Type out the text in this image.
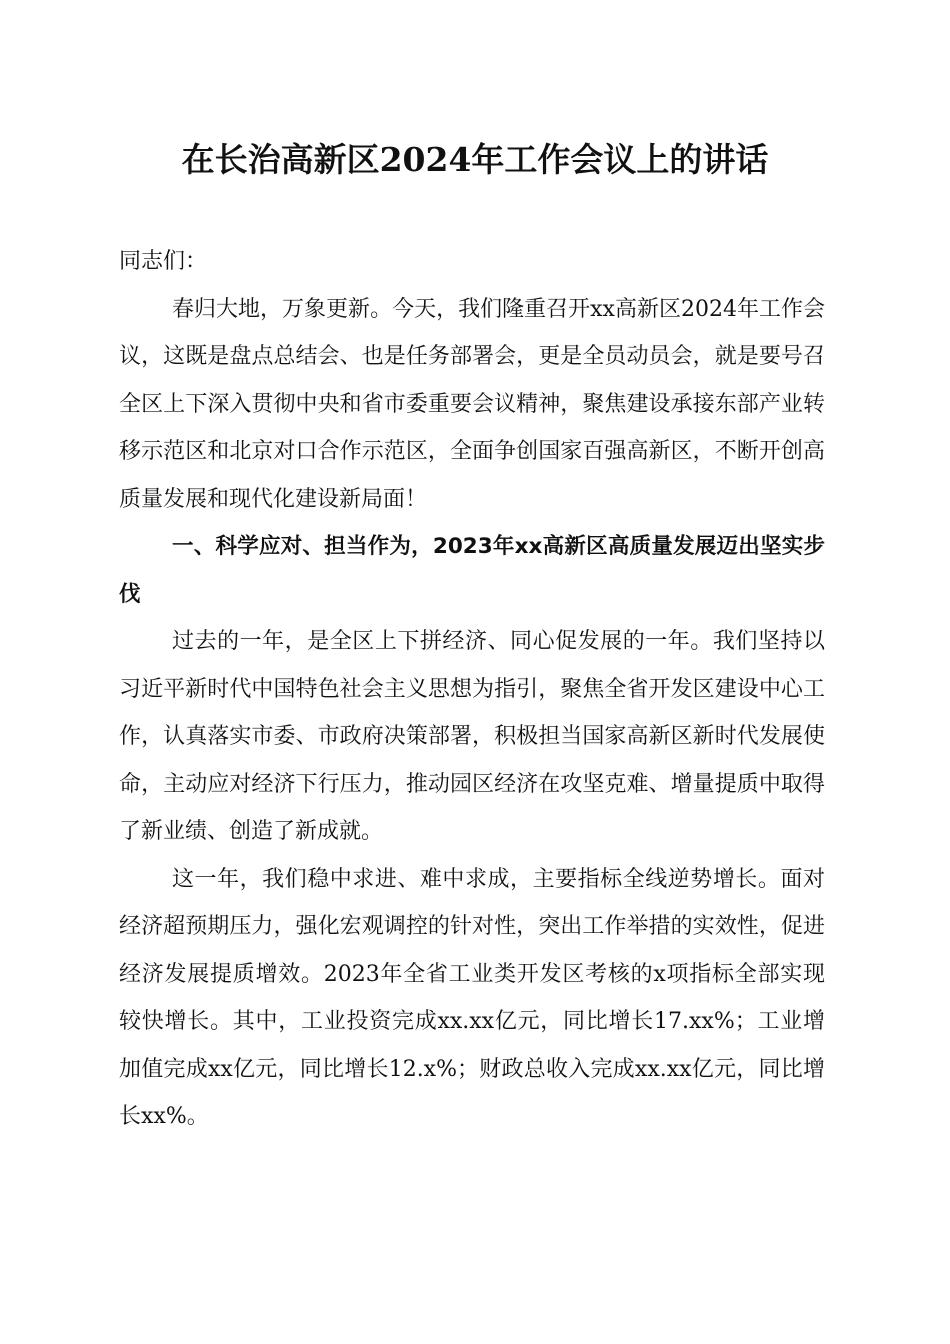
在长治高新区2024年工作会议上的讲话

同志们：

春归大地，万象更新。今天，我们隆重召开xx高新区2024年工作会议，这既是盘点总结会、也是任务部署会，更是全员动员会，就是要号召全区上下深入贯彻中央和省市委重要会议精神，聚焦建设承接东部产业转移示范区和北京对口合作示范区，全面争创国家百强高新区，不断开创高质量发展和现代化建设新局面！

一、科学应对、担当作为，2023年xx高新区高质量发展迈出坚实步伐

过去的一年，是全区上下拼经济、同心促发展的一年。我们坚持以习近平新时代中国特色社会主义思想为指引，聚焦全省开发区建设中心工作，认真落实市委、市政府决策部署，积极担当国家高新区新时代发展使命，主动应对经济下行压力，推动园区经济在攻坚克难、增量提质中取得了新业绩、创造了新成就。

这一年，我们稳中求进、难中求成，主要指标全线逆势增长。面对经济超预期压力，强化宏观调控的针对性，突出工作举措的实效性，促进经济发展提质增效。2023年全省工业类开发区考核的x项指标全部实现较快增长。其中，工业投资完成xx.xx亿元，同比增长17.xx%；工业增加值完成xx亿元，同比增长12.x%；财政总收入完成xx.xx亿元，同比增长xx%。
